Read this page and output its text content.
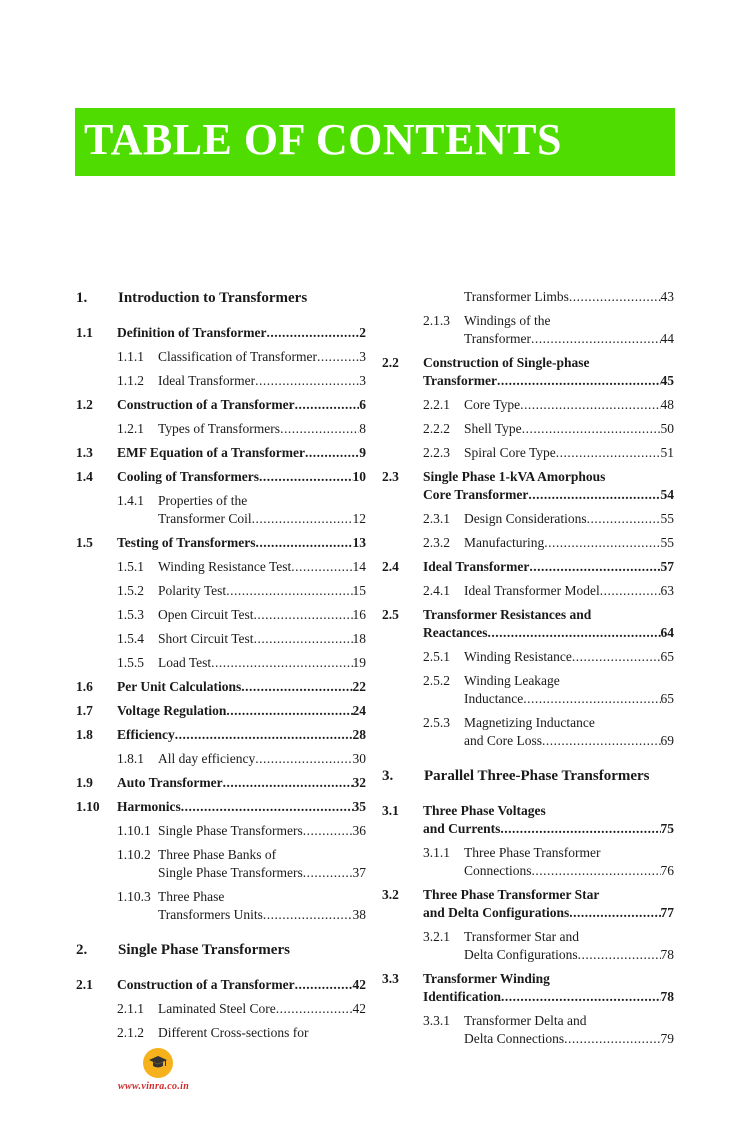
TABLE OF CONTENTS
1.	Introduction to Transformers
1.1	Definition of Transformer .....	2
1.1.1	Classification of Transformer .....	3
1.1.2	Ideal Transformer .....	3
1.2	Construction of a Transformer .....	6
1.2.1	Types of Transformers .....	8
1.3	EMF Equation of a Transformer .....	9
1.4	Cooling of Transformers .....	10
1.4.1	Properties of the
Transformer Coil .....	12
1.5	Testing of Transformers .....	13
1.5.1	Winding Resistance Test .....	14
1.5.2	Polarity Test .....	15
1.5.3	Open Circuit Test .....	16
1.5.4	Short Circuit Test .....	18
1.5.5	Load Test .....	19
1.6	Per Unit Calculations .....	22
1.7	Voltage Regulation .....	24
1.8	Efficiency .....	28
1.8.1	All day efficiency .....	30
1.9	Auto Transformer .....	32
1.10	Harmonics .....	35
1.10.1 Single Phase Transformers .....	36
1.10.2 Three Phase Banks of
Single Phase Transformers .....	37
1.10.3 Three Phase
Transformers Units .....	38
2.	Single Phase Transformers
2.1	Construction of a Transformer .....	42
2.1.1	Laminated Steel Core .....	42
2.1.2	Different Cross-sections for
Transformer Limbs .....	43
2.1.3	Windings of the
Transformer .....	44
2.2	Construction of Single-phase
Transformer .....	45
2.2.1	Core Type .....	48
2.2.2	Shell Type .....	50
2.2.3	Spiral Core Type .....	51
2.3	Single Phase 1-kVA Amorphous
Core Transformer .....	54
2.3.1	Design Considerations .....	55
2.3.2	Manufacturing .....	55
2.4	Ideal Transformer .....	57
2.4.1	Ideal Transformer Model .....	63
2.5	Transformer Resistances and
Reactances .....	64
2.5.1	Winding Resistance .....	65
2.5.2	Winding Leakage
Inductance .....	65
2.5.3	Magnetizing Inductance
and Core Loss .....	69
3.	Parallel Three-Phase Transformers
3.1	Three Phase Voltages
and Currents .....	75
3.1.1	Three Phase Transformer
Connections .....	76
3.2	Three Phase Transformer Star
and Delta Configurations .....	77
3.2.1	Transformer Star and
Delta Configurations .....	78
3.3	Transformer Winding
Identification .....	78
3.3.1	Transformer Delta and
Delta Connections .....	79
www.vinra.co.in
